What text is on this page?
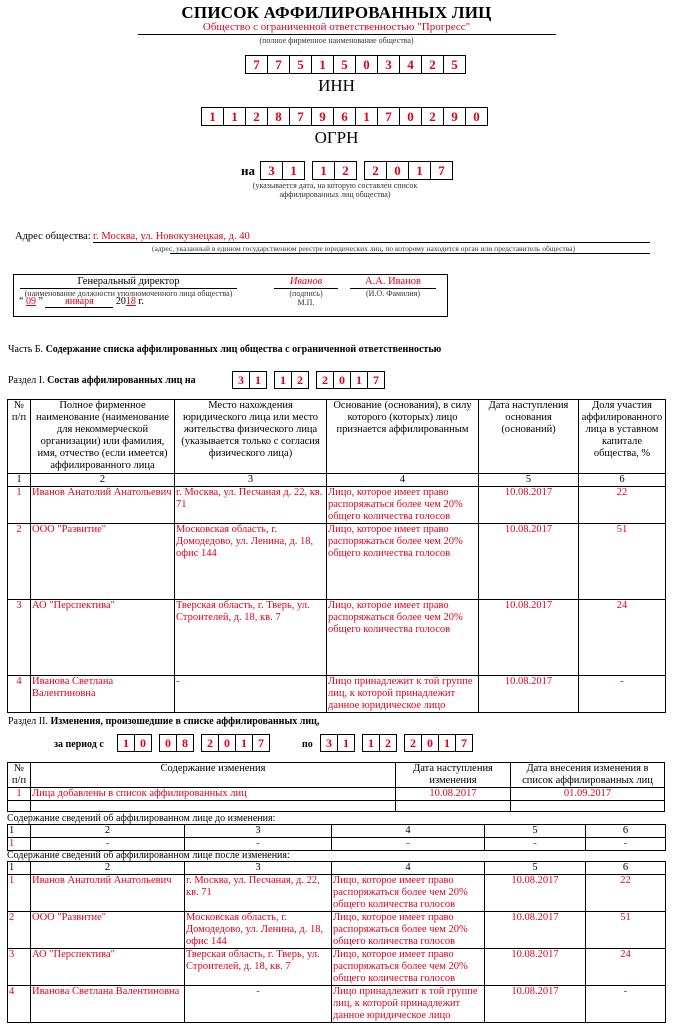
СПИСОК АФФИЛИРОВАННЫХ ЛИЦ
Общество с ограниченной ответственностью "Прогресс"
(полное фирменное наименование общества)
7	7	5	1	5	0	3	4	2	5
ИНН
1	1	2	8	7	9	6	1	7	0	2	9	0
ОГРН
на	3	1	1	2	2	0	1	7
(указывается дата, на которую составлен список
аффилированных лиц общества)
Адрес общества: г. Москва, ул. Новокузнецкая, д. 40
(адрес, указанный в едином государственном реестре юридических лиц, по которому находится орган или представитель общества)
Генеральный директор
(наименование должности уполномоченного лица общества)
“ 09 ” января 2018 г.
Иванов
(подпись)
М.П.
А.А. Иванов
(И.О. Фамилия)
Часть Б. Содержание списка аффилированных лиц общества с ограниченной ответственностью
Раздел I. Состав аффилированных лиц на	3 1	1 2	2 0 1 7
№ п/п	Полное фирменное наименование (наименование для некоммерческой организации) или фамилия, имя, отчество (если имеется) аффилированного лица	Место нахождения юридического лица или место жительства физического лица (указывается только с согласия физического лица)	Основание (основания), в силу которого (которых) лицо признается аффилированным	Дата наступления основания (оснований)	Доля участия аффилированного лица в уставном капитале общества, %
1	2	3	4	5	6
1	Иванов Анатолий Анатольевич	г. Москва, ул. Песчаная д. 22, кв. 71	Лицо, которое имеет право распоряжаться более чем 20% общего количества голосов	10.08.2017	22
2	ООО "Развитие"	Московская область, г. Домодедово, ул. Ленина, д. 18, офис 144	Лицо, которое имеет право распоряжаться более чем 20% общего количества голосов	10.08.2017	51
3	АО "Перспектива"	Тверская область, г. Тверь, ул. Строителей, д. 18, кв. 7	Лицо, которое имеет право распоряжаться более чем 20% общего количества голосов	10.08.2017	24
4	Иванова Светлана Валентиновна	-	Лицо принадлежит к той группе лиц, к которой принадлежит данное юридическое лицо	10.08.2017	-
Раздел II. Изменения, произошедшие в списке аффилированных лиц,
за период с	1 0	0 8	2 0 1 7	по	3 1	1 2	2 0 1 7
№ п/п	Содержание изменения	Дата наступления изменения	Дата внесения изменения в список аффилированных лиц
1	Лица добавлены в список аффилированных лиц	10.08.2017	01.09.2017

Содержание сведений об аффилированном лице до изменения:
1	2	3	4	5	6
1	-	-	-	-	-
Содержание сведений об аффилированном лице после изменения:
1	2	3	4	5	6
1	Иванов Анатолий Анатольевич	г. Москва, ул. Песчаная, д. 22, кв. 71	Лицо, которое имеет право распоряжаться более чем 20% общего количества голосов	10.08.2017	22
2	ООО "Развитие"	Московская область, г. Домодедово, ул. Ленина, д. 18, офис 144	Лицо, которое имеет право распоряжаться более чем 20% общего количества голосов	10.08.2017	51
3	АО "Перспектива"	Тверская область, г. Тверь, ул. Строителей, д. 18, кв. 7	Лицо, которое имеет право распоряжаться более чем 20% общего количества голосов	10.08.2017	24
4	Иванова Светлана Валентиновна	-	Лицо принадлежит к той группе лиц, к которой принадлежит данное юридическое лицо	10.08.2017	-
